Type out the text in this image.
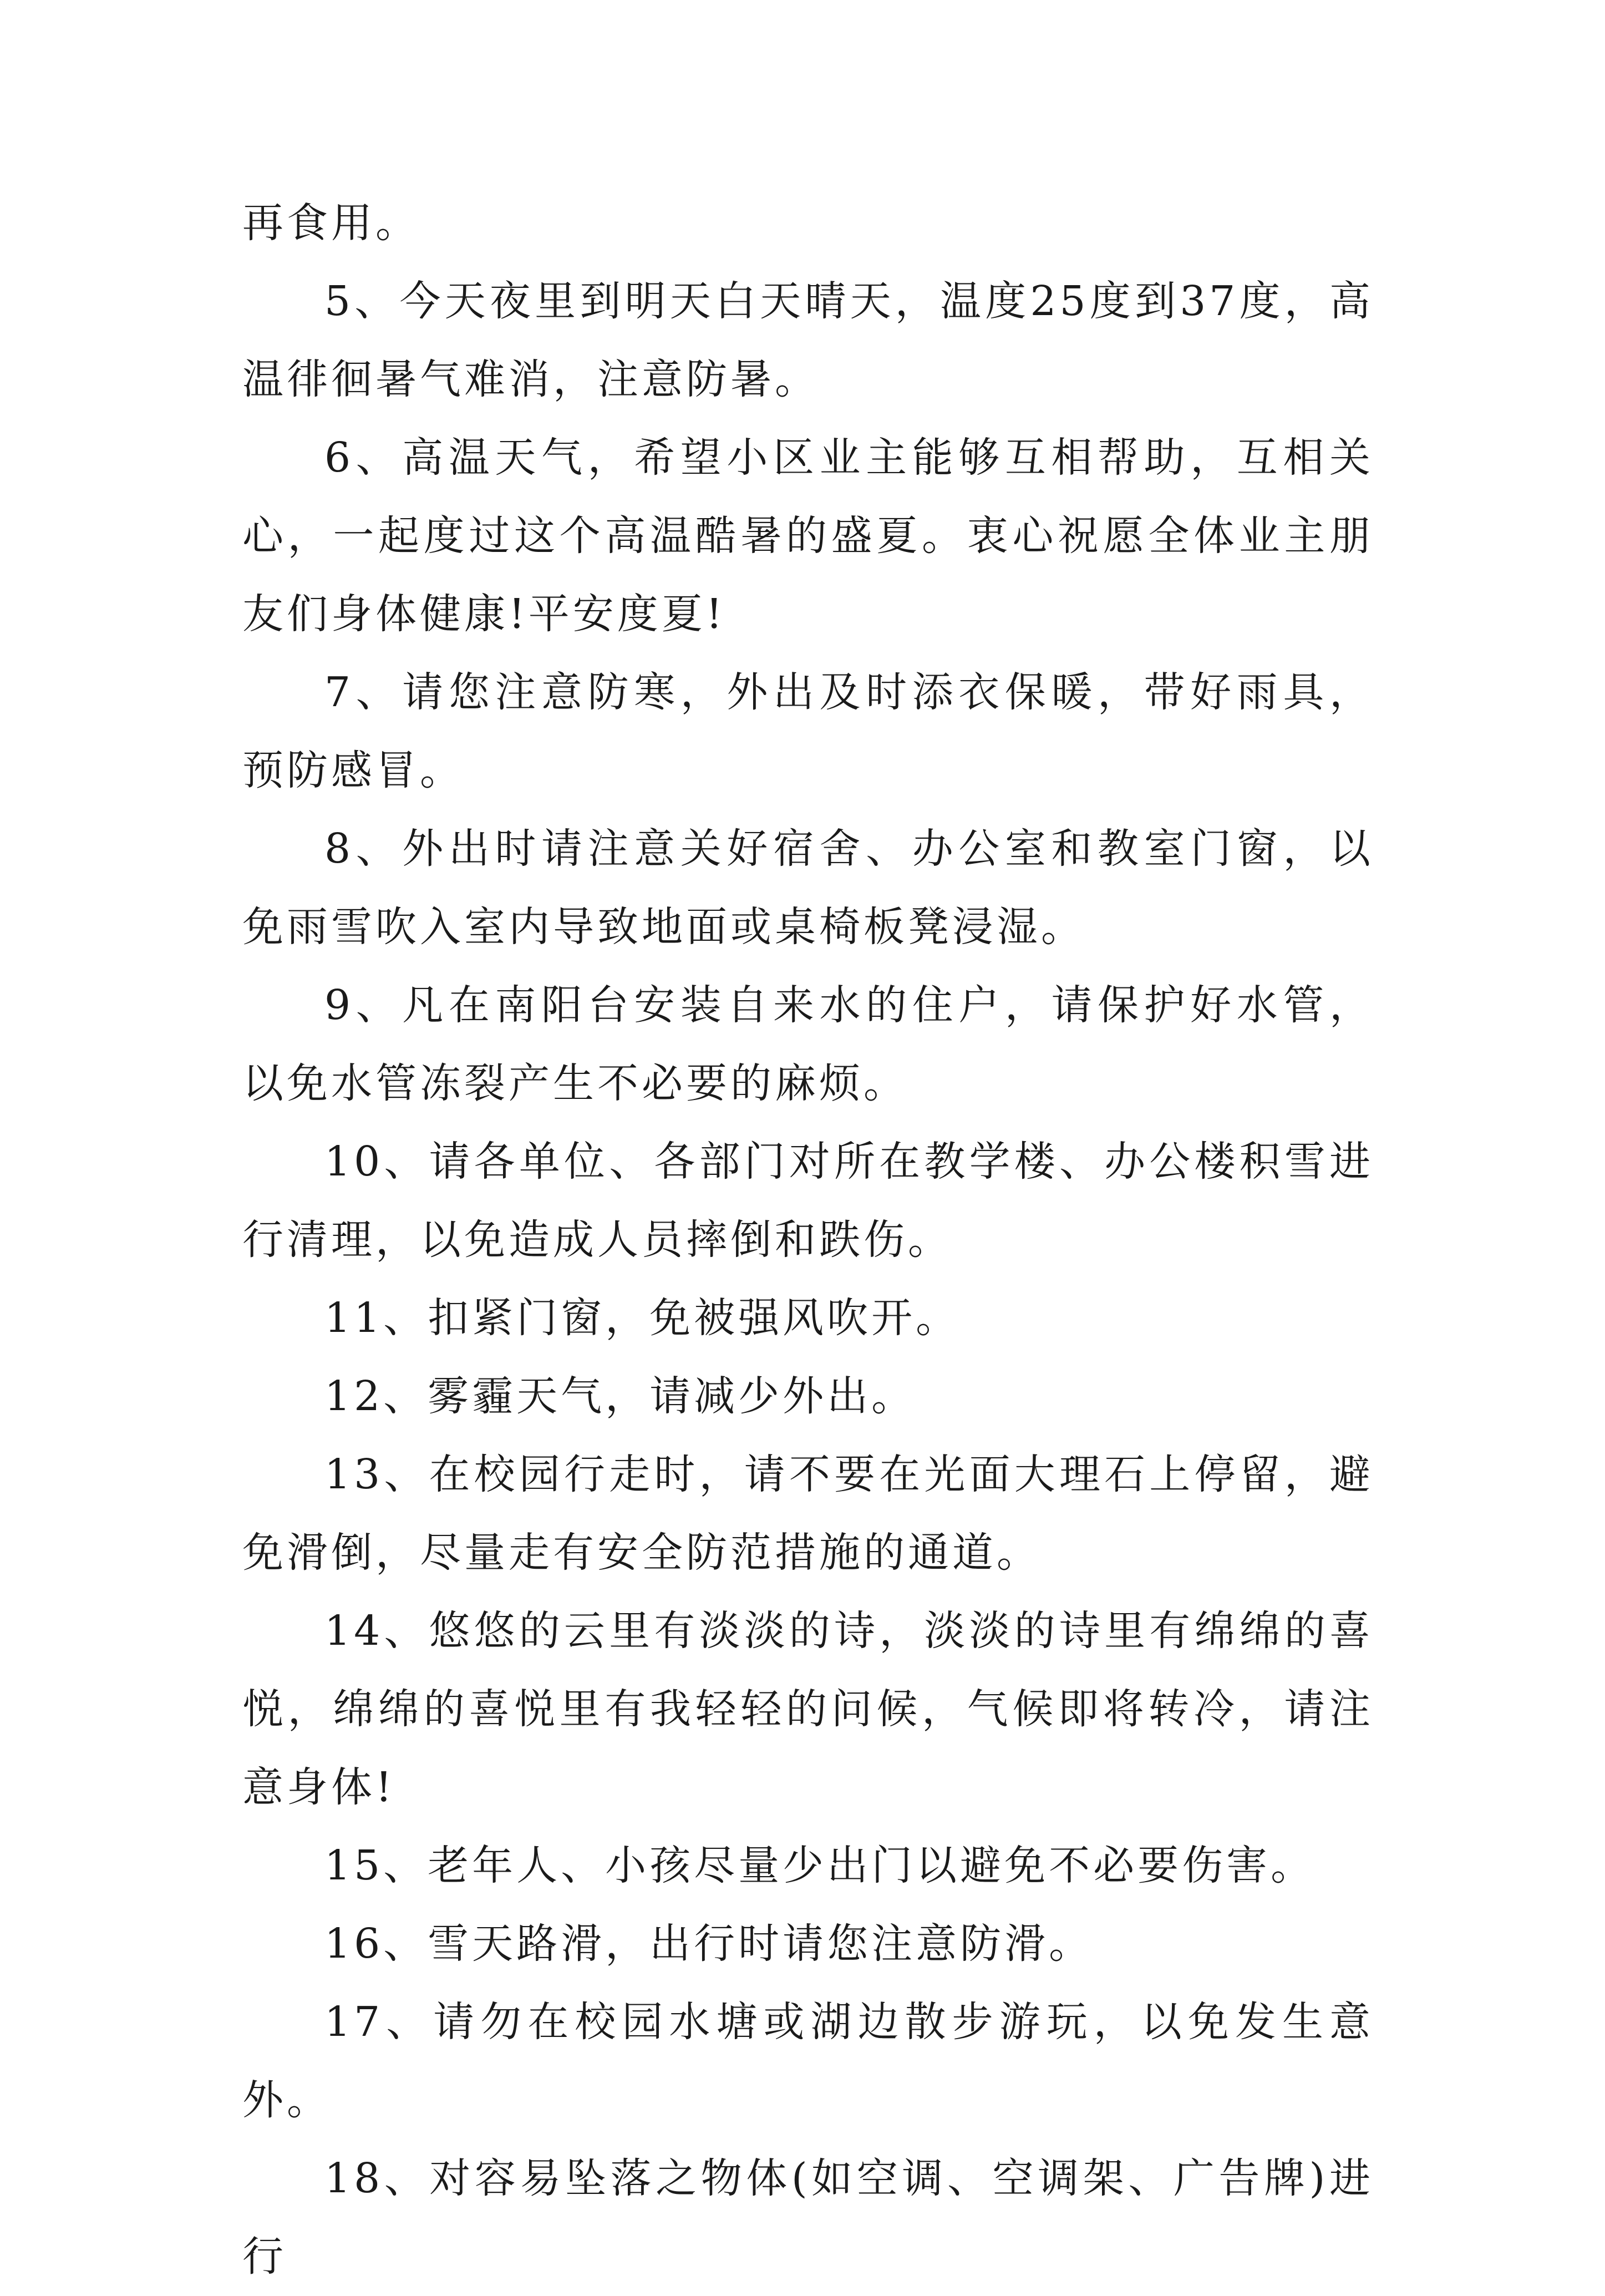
再食用。

5、今天夜里到明天白天晴天，温度25度到37度，高温徘徊暑气难消，注意防暑。

6、高温天气，希望小区业主能够互相帮助，互相关心，一起度过这个高温酷暑的盛夏。衷心祝愿全体业主朋友们身体健康!平安度夏!

7、请您注意防寒，外出及时添衣保暖，带好雨具，预防感冒。

8、外出时请注意关好宿舍、办公室和教室门窗，以免雨雪吹入室内导致地面或桌椅板凳浸湿。

9、凡在南阳台安装自来水的住户，请保护好水管，以免水管冻裂产生不必要的麻烦。

10、请各单位、各部门对所在教学楼、办公楼积雪进行清理，以免造成人员摔倒和跌伤。

11、扣紧门窗，免被强风吹开。

12、雾霾天气，请减少外出。

13、在校园行走时，请不要在光面大理石上停留，避免滑倒，尽量走有安全防范措施的通道。

14、悠悠的云里有淡淡的诗，淡淡的诗里有绵绵的喜悦，绵绵的喜悦里有我轻轻的问候，气候即将转冷，请注意身体!

15、老年人、小孩尽量少出门以避免不必要伤害。

16、雪天路滑，出行时请您注意防滑。

17、请勿在校园水塘或湖边散步游玩，以免发生意外。

18、对容易坠落之物体(如空调、空调架、广告牌)进行
